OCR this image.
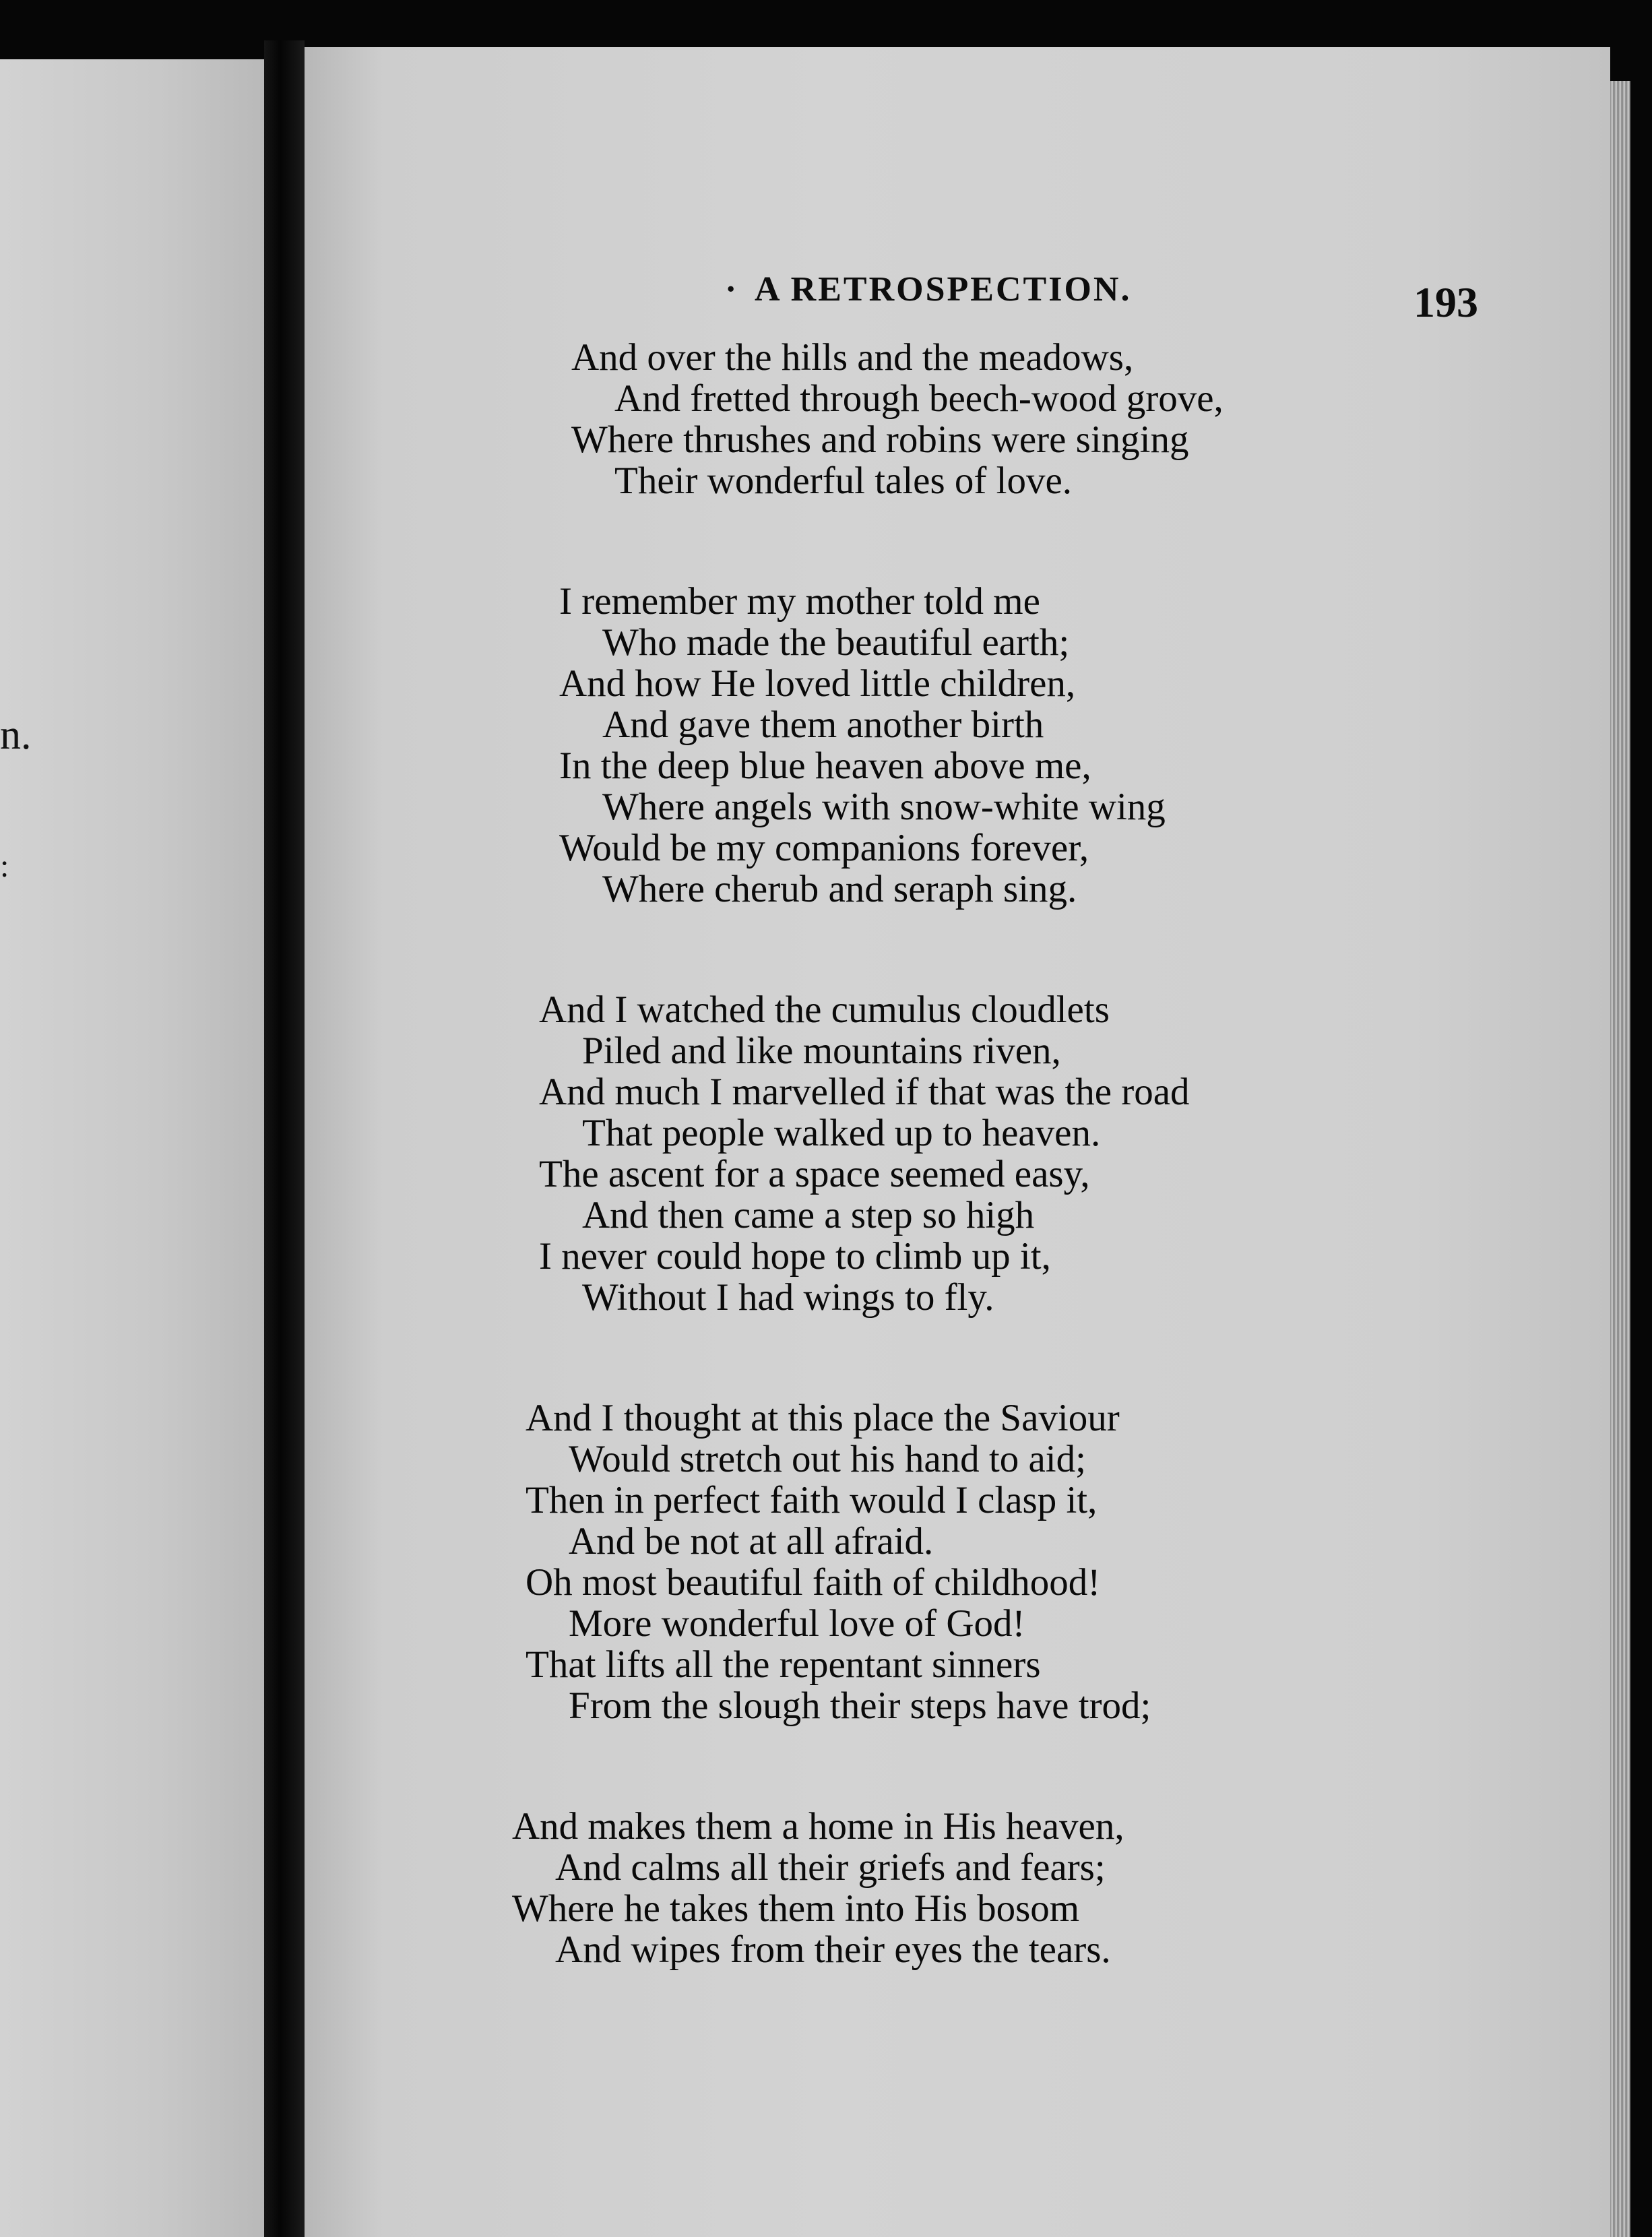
n.
:
· A RETROSPECTION.	193
And over the hills and the meadows,
And fretted through beech-wood grove,
Where thrushes and robins were singing
Their wonderful tales of love.
I remember my mother told me
Who made the beautiful earth;
And how He loved little children,
And gave them another birth
In the deep blue heaven above me,
Where angels with snow-white wing
Would be my companions forever,
Where cherub and seraph sing.
And I watched the cumulus cloudlets
Piled and like mountains riven,
And much I marvelled if that was the road
That people walked up to heaven.
The ascent for a space seemed easy,
And then came a step so high
I never could hope to climb up it,
Without I had wings to fly.
And I thought at this place the Saviour
Would stretch out his hand to aid;
Then in perfect faith would I clasp it,
And be not at all afraid.
Oh most beautiful faith of childhood!
More wonderful love of God!
That lifts all the repentant sinners
From the slough their steps have trod;
And makes them a home in His heaven,
And calms all their griefs and fears;
Where he takes them into His bosom
And wipes from their eyes the tears.
